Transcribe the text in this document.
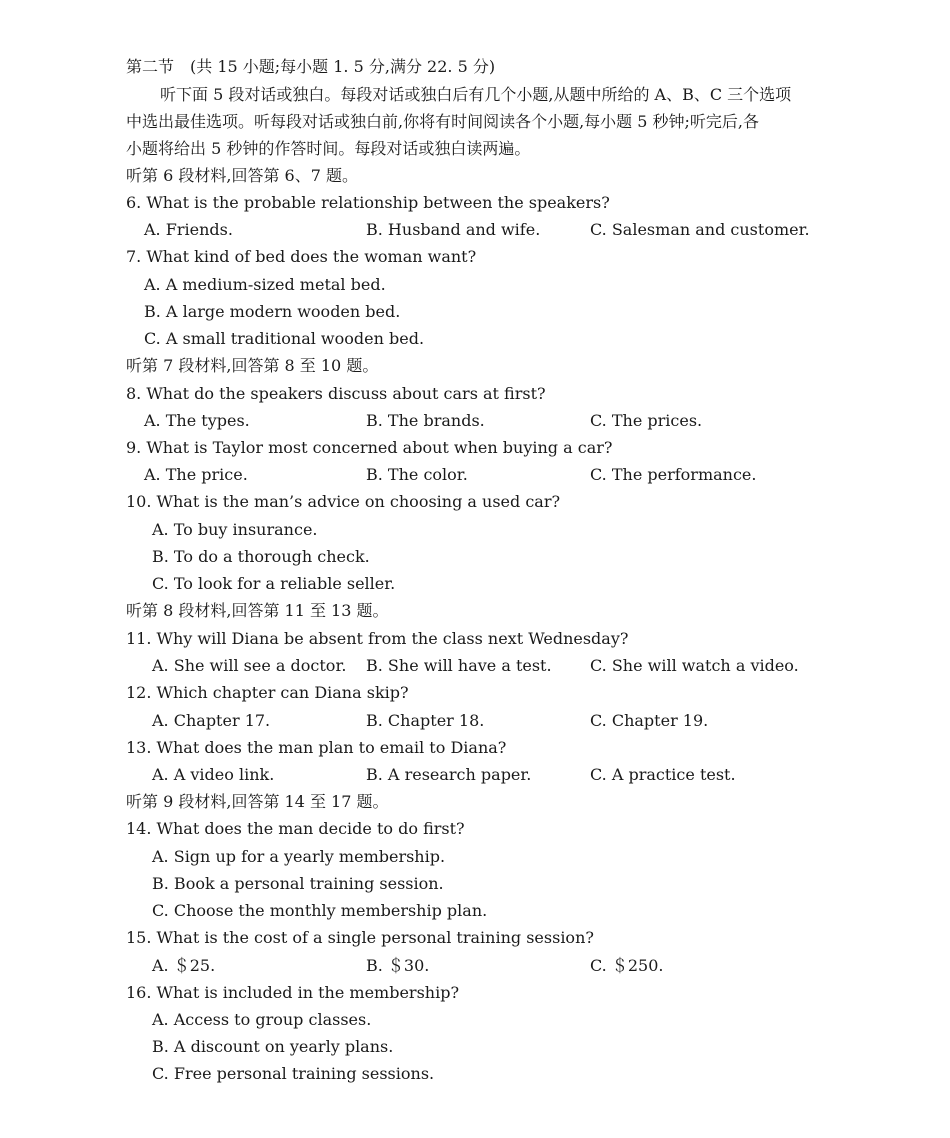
第二节　(共 15 小题;每小题 1. 5 分,满分 22. 5 分)
听下面 5 段对话或独白。每段对话或独白后有几个小题,从题中所给的 A、B、C 三个选项
中选出最佳选项。听每段对话或独白前,你将有时间阅读各个小题,每小题 5 秒钟;听完后,各
小题将给出 5 秒钟的作答时间。每段对话或独白读两遍。
听第 6 段材料,回答第 6、7 题。
6. What is the probable relationship between the speakers?
A. Friends.	B. Husband and wife.	C. Salesman and customer.
7. What kind of bed does the woman want?
A. A medium-sized metal bed.
B. A large modern wooden bed.
C. A small traditional wooden bed.
听第 7 段材料,回答第 8 至 10 题。
8. What do the speakers discuss about cars at first?
A. The types.	B. The brands.	C. The prices.
9. What is Taylor most concerned about when buying a car?
A. The price.	B. The color.	C. The performance.
10. What is the man’s advice on choosing a used car?
A. To buy insurance.
B. To do a thorough check.
C. To look for a reliable seller.
听第 8 段材料,回答第 11 至 13 题。
11. Why will Diana be absent from the class next Wednesday?
A. She will see a doctor. B. She will have a test. C. She will watch a video.
12. Which chapter can Diana skip?
A. Chapter 17.	B. Chapter 18.	C. Chapter 19.
13. What does the man plan to email to Diana?
A. A video link.	B. A research paper.	C. A practice test.
听第 9 段材料,回答第 14 至 17 题。
14. What does the man decide to do first?
A. Sign up for a yearly membership.
B. Book a personal training session.
C. Choose the monthly membership plan.
15. What is the cost of a single personal training session?
A. ＄25.	B. ＄30.	C. ＄250.
16. What is included in the membership?
A. Access to group classes.
B. A discount on yearly plans.
C. Free personal training sessions.
